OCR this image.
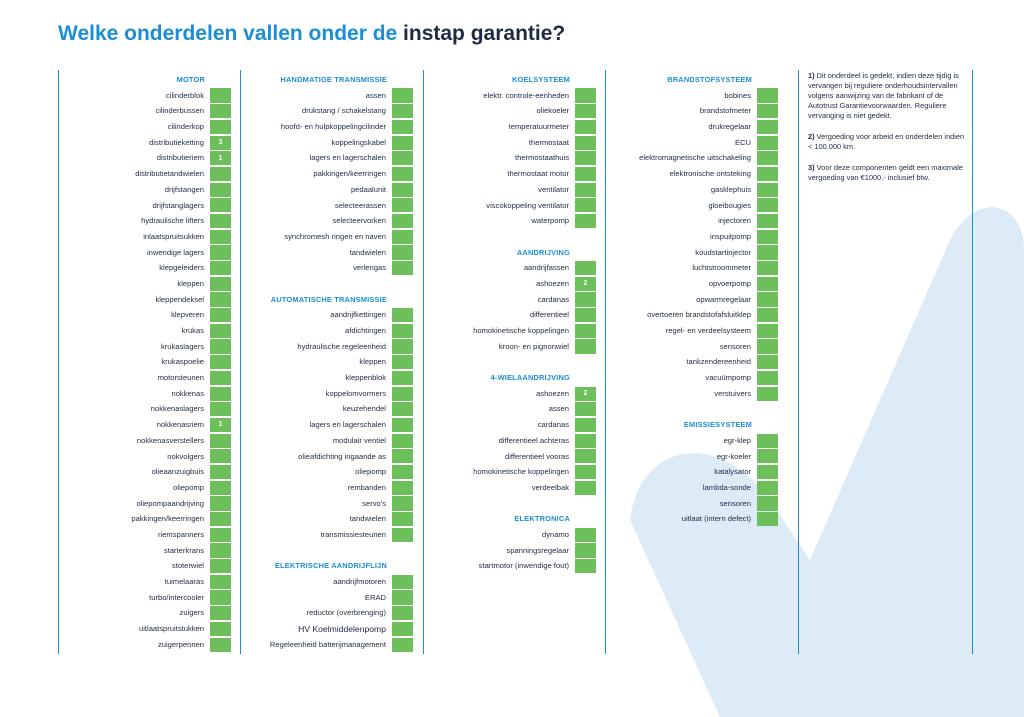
Welke onderdelen vallen onder de instap garantie?
MOTOR
cilinderblok
cilinderbussen
cilinderkop
distributieketting	3
distributieriem	1
distributietandwielen
drijfstangen
drijfstanglagers
hydraulische lifters
inlaatspruitsukken
inwendige lagers
klepgeleiders
kleppen
kleppendeksel
klepveren
krukas
krukaslagers
krukaspoelie
motorsteunen
nokkenas
nokkenaslagers
nokkenasriem	1
nokkenasverstellers
nokvolgers
olieaanzuigbuis
oliepomp
oliepompaandrijving
pakkingen/keerringen
riemspanners
starterkrans
stoterwiel
tuimelaaras
turbo/intercooler
zuigers
uitlaatspruitstukken
zuigerpennen
HANDMATIGE TRANSMISSIE
assen
drukstang / schakelstang
hoofd- en hulpkoppelingcilinder
koppelingskabel
lagers en lagerschalen
pakkingen/keerringen
pedaalunit
selecteerassen
selecteervorken
synchromesh ringen en naven
tandwielen
verlengas
AUTOMATISCHE TRANSMISSIE
aandrijfkettingen
afdichtingen
hydraulische regeleenheid
kleppen
kleppenblok
koppelomvormers
keuzehendel
lagers en lagerschalen
modulair ventiel
olieafdichting ingaande as
oliepomp
rembanden
servo's
tandwielen
transmissiesteunen
ELEKTRISCHE AANDRIJFLIJN
aandrijfmotoren
ERAD
reductor (overbrenging)
HV Koelmiddelenpomp
Regeleenheid batterijmanagement
KOELSYSTEEM
elektr. controle-eenheden
oliekoeler
temperatuurmeter
thermostaat
thermostaathuis
thermostaat motor
ventilator
viscokoppeling ventilator
waterpomp
AANDRIJVING
aandrijfassen
ashoezen	2
cardanas
differentieel
homokinetische koppelingen
kroon- en pignonwiel
4-WIELAANDRIJVING
ashoezen	2
assen
cardanas
differentieel achteras
differentieel vooras
homokinetische koppelingen
verdeelbak
ELEKTRONICA
dynamo
spanningsregelaar
startmotor (inwendige fout)
BRANDSTOFSYSTEEM
bobines
brandstofmeter
drukregelaar
ECU
elektromagnetische uitschakeling
elektronische ontsteking
gasklephuis
gloeibougies
injectoren
inspuitpomp
koudstartinjector
luchtstroommeter
opvoerpomp
opwarmregelaar
overtoeren brandstofafsluitklep
regel- en verdeelsysteem
sensoren
tankzendereenheid
vacuümpomp
verstuivers
EMISSIESYSTEEM
egr-klep
egr-koeler
katalysator
lambda-sonde
sensoren
uitlaat (intern defect)
1) Dit onderdeel is gedekt, indien deze tijdig is vervangen bij reguliere onderhoudsintervallen volgens aanwijzing van de fabrikant of de Autotrust Garantievoorwaarden. Reguliere vervanging is niet gedekt.
2) Vergoeding voor arbeid en onderdelen indien < 100.000 km.
3) Voor deze componenten geldt een maximale vergoeding van €1000,- inclusief btw.
